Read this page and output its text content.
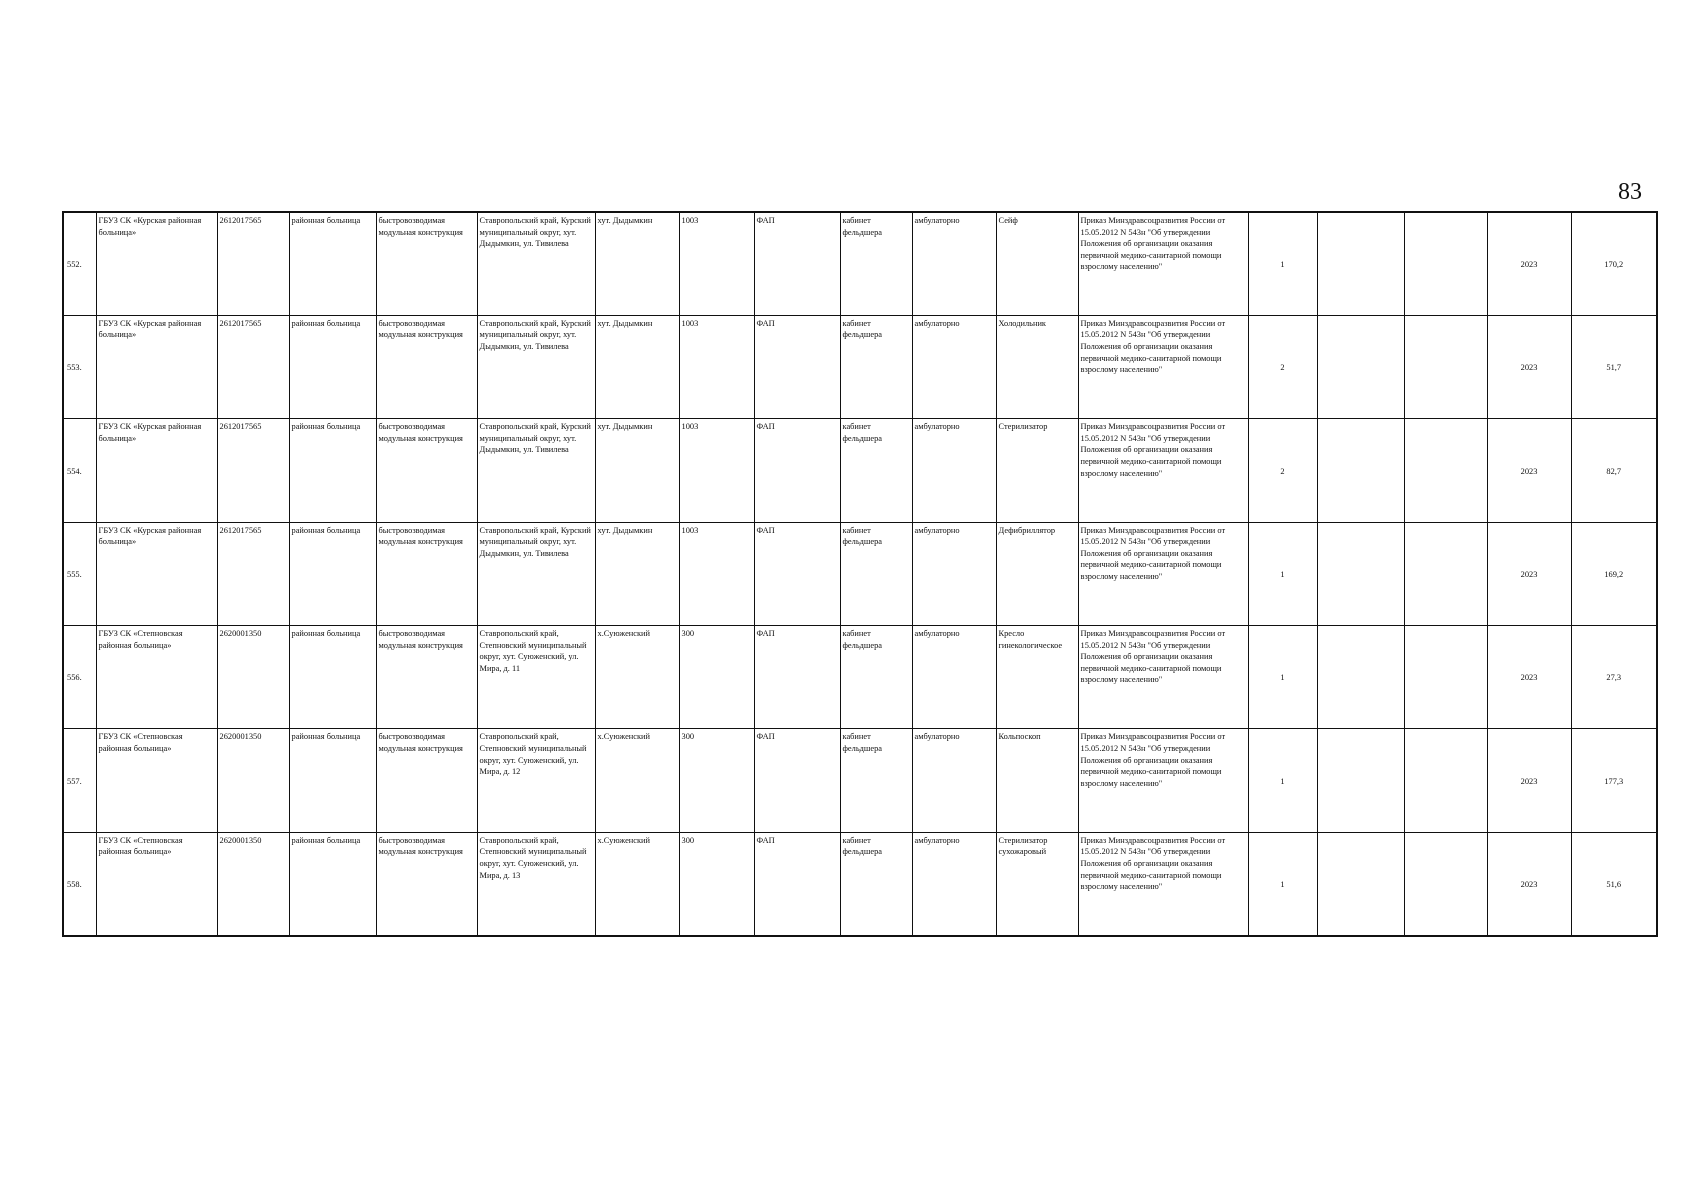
83
552.	ГБУЗ СК «Курская районная больница»	2612017565	районная больница	быстровозводимая модульная конструкция	Ставропольский край, Курский муниципальный округ, хут. Дыдымкин, ул. Тивилева	хут. Дыдымкин	1003	ФАП	кабинет фельдшера	амбулаторно	Сейф	Приказ Минздравсоцразвития России от 15.05.2012 N 543н "Об утверждении Положения об организации оказания первичной медико-санитарной помощи взрослому населению"	1			2023	170,2
553.	ГБУЗ СК «Курская районная больница»	2612017565	районная больница	быстровозводимая модульная конструкция	Ставропольский край, Курский муниципальный округ, хут. Дыдымкин, ул. Тивилева	хут. Дыдымкин	1003	ФАП	кабинет фельдшера	амбулаторно	Холодильник	Приказ Минздравсоцразвития России от 15.05.2012 N 543н "Об утверждении Положения об организации оказания первичной медико-санитарной помощи взрослому населению"	2			2023	51,7
554.	ГБУЗ СК «Курская районная больница»	2612017565	районная больница	быстровозводимая модульная конструкция	Ставропольский край, Курский муниципальный округ, хут. Дыдымкин, ул. Тивилева	хут. Дыдымкин	1003	ФАП	кабинет фельдшера	амбулаторно	Стерилизатор	Приказ Минздравсоцразвития России от 15.05.2012 N 543н "Об утверждении Положения об организации оказания первичной медико-санитарной помощи взрослому населению"	2			2023	82,7
555.	ГБУЗ СК «Курская районная больница»	2612017565	районная больница	быстровозводимая модульная конструкция	Ставропольский край, Курский муниципальный округ, хут. Дыдымкин, ул. Тивилева	хут. Дыдымкин	1003	ФАП	кабинет фельдшера	амбулаторно	Дефибриллятор	Приказ Минздравсоцразвития России от 15.05.2012 N 543н "Об утверждении Положения об организации оказания первичной медико-санитарной помощи взрослому населению"	1			2023	169,2
556.	ГБУЗ СК «Степновская районная больница»	2620001350	районная больница	быстровозводимая модульная конструкция	Ставропольский край, Степновский муниципальный округ, хут. Суюженский, ул. Мира, д. 11	х.Суюженский	300	ФАП	кабинет фельдшера	амбулаторно	Кресло гинекологическое	Приказ Минздравсоцразвития России от 15.05.2012 N 543н "Об утверждении Положения об организации оказания первичной медико-санитарной помощи взрослому населению"	1			2023	27,3
557.	ГБУЗ СК «Степновская районная больница»	2620001350	районная больница	быстровозводимая модульная конструкция	Ставропольский край, Степновский муниципальный округ, хут. Суюженский, ул. Мира, д. 12	х.Суюженский	300	ФАП	кабинет фельдшера	амбулаторно	Кольпоскоп	Приказ Минздравсоцразвития России от 15.05.2012 N 543н "Об утверждении Положения об организации оказания первичной медико-санитарной помощи взрослому населению"	1			2023	177,3
558.	ГБУЗ СК «Степновская районная больница»	2620001350	районная больница	быстровозводимая модульная конструкция	Ставропольский край, Степновский муниципальный округ, хут. Суюженский, ул. Мира, д. 13	х.Суюженский	300	ФАП	кабинет фельдшера	амбулаторно	Стерилизатор сухожаровый	Приказ Минздравсоцразвития России от 15.05.2012 N 543н "Об утверждении Положения об организации оказания первичной медико-санитарной помощи взрослому населению"	1			2023	51,6
